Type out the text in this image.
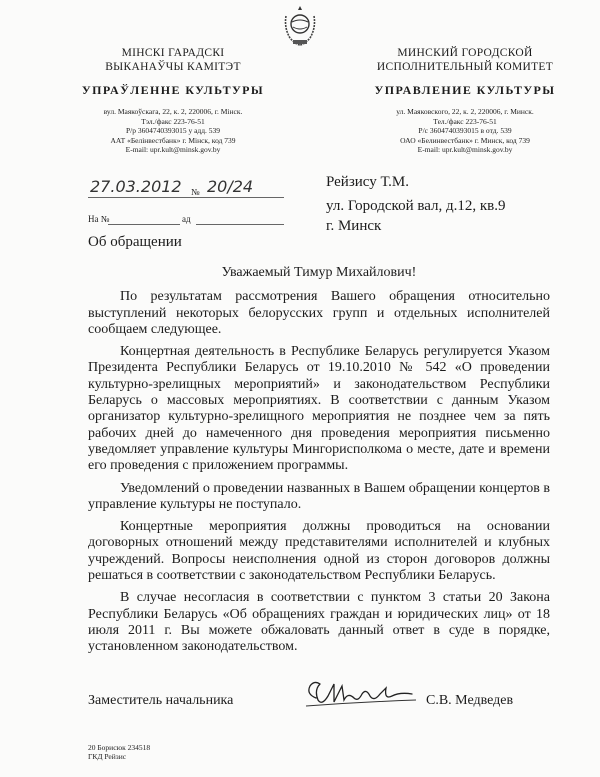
МІНСКІ ГАРАДСКІ
ВЫКАНАЎЧЫ КАМІТЭТ
УПРАЎЛЕННЕ КУЛЬТУРЫ
вул. Маякоўскага, 22, к. 2, 220006, г. Мінск.
Тэл./факс 223-76-51
Р/р 3604740393015 у адд. 539
ААТ «Белінвестбанк» г. Мінск, код 739
E-mail: upr.kult@minsk.gov.by
МИНСКИЙ ГОРОДСКОЙ
ИСПОЛНИТЕЛЬНЫЙ КОМИТЕТ
УПРАВЛЕНИЕ КУЛЬТУРЫ
ул. Маяковского, 22, к. 2, 220006, г. Минск.
Тел./факс 223-76-51
Р/с 3604740393015 в отд. 539
ОАО «Белинвестбанк» г. Минск, код 739
E-mail: upr.kult@minsk.gov.by
27.03.2012 № 20/24
На №	ад
Рейзису Т.М.
ул. Городской вал, д.12, кв.9
г. Минск
Об обращении

Уважаемый Тимур Михайлович!

По результатам рассмотрения Вашего обращения относительно выступлений некоторых белорусских групп и отдельных исполнителей сообщаем следующее.

Концертная деятельность в Республике Беларусь регулируется Указом Президента Республики Беларусь от 19.10.2010 № 542 «О проведении культурно-зрелищных мероприятий» и законодательством Республики Беларусь о массовых мероприятиях. В соответствии с данным Указом организатор культурно-зрелищного мероприятия не позднее чем за пять рабочих дней до намеченного дня проведения мероприятия письменно уведомляет управление культуры Мингорисполкома о месте, дате и времени его проведения с приложением программы.

Уведомлений о проведении названных в Вашем обращении концертов в управление культуры не поступало.

Концертные мероприятия должны проводиться на основании договорных отношений между представителями исполнителей и клубных учреждений. Вопросы неисполнения одной из сторон договоров должны решаться в соответствии с законодательством Республики Беларусь.

В случае несогласия в соответствии с пунктом 3 статьи 20 Закона Республики Беларусь «Об обращениях граждан и юридических лиц» от 18 июля 2011 г. Вы можете обжаловать данный ответ в суде в порядке, установленном законодательством.

Заместитель начальника	С.В. Медведев
20 Борисюк 234518
ГКД Рейзис
